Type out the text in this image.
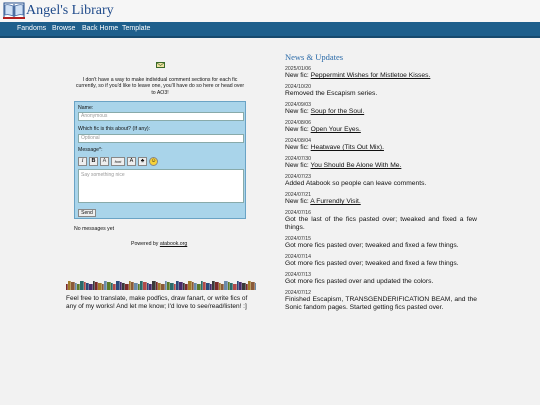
Angel's Library
Fandoms Browse Back Home Template
I don't have a way to make individual comment sections for each fic currently, so if you'd like to leave one, you'll have do so here or head over to AO3!
Name:
Anonymous
Which fic is this about? (If any):
Optional
Message*:
I	B	A	font	A	♣	☺
Say something nice
Send
No messages yet
Powered by atabook.org
Feel free to translate, make podfics, draw fanart, or write fics of any of my works! And let me know; I'd love to see/read/listen! :]
News & Updates
2025/01/06
New fic: Peppermint Wishes for Mistletoe Kisses.
2024/10/20
Removed the Escapism series.
2024/09/03
New fic: Soup for the Soul.
2024/08/06
New fic: Open Your Eyes.
2024/08/04
New fic: Heatwave (Tits Out Mix).
2024/07/30
New fic: You Should Be Alone With Me.
2024/07/23
Added Atabook so people can leave comments.
2024/07/21
New fic: A Furrendly Visit.
2024/07/16
Got the last of the fics pasted over; tweaked and fixed a few things.
2024/07/15
Got more fics pasted over; tweaked and fixed a few things.
2024/07/14
Got more fics pasted over; tweaked and fixed a few things.
2024/07/13
Got more fics pasted over and updated the colors.
2024/07/12
Finished Escapism, TRANSGENDERIFICATION BEAM, and the Sonic fandom pages. Started getting fics pasted over.
